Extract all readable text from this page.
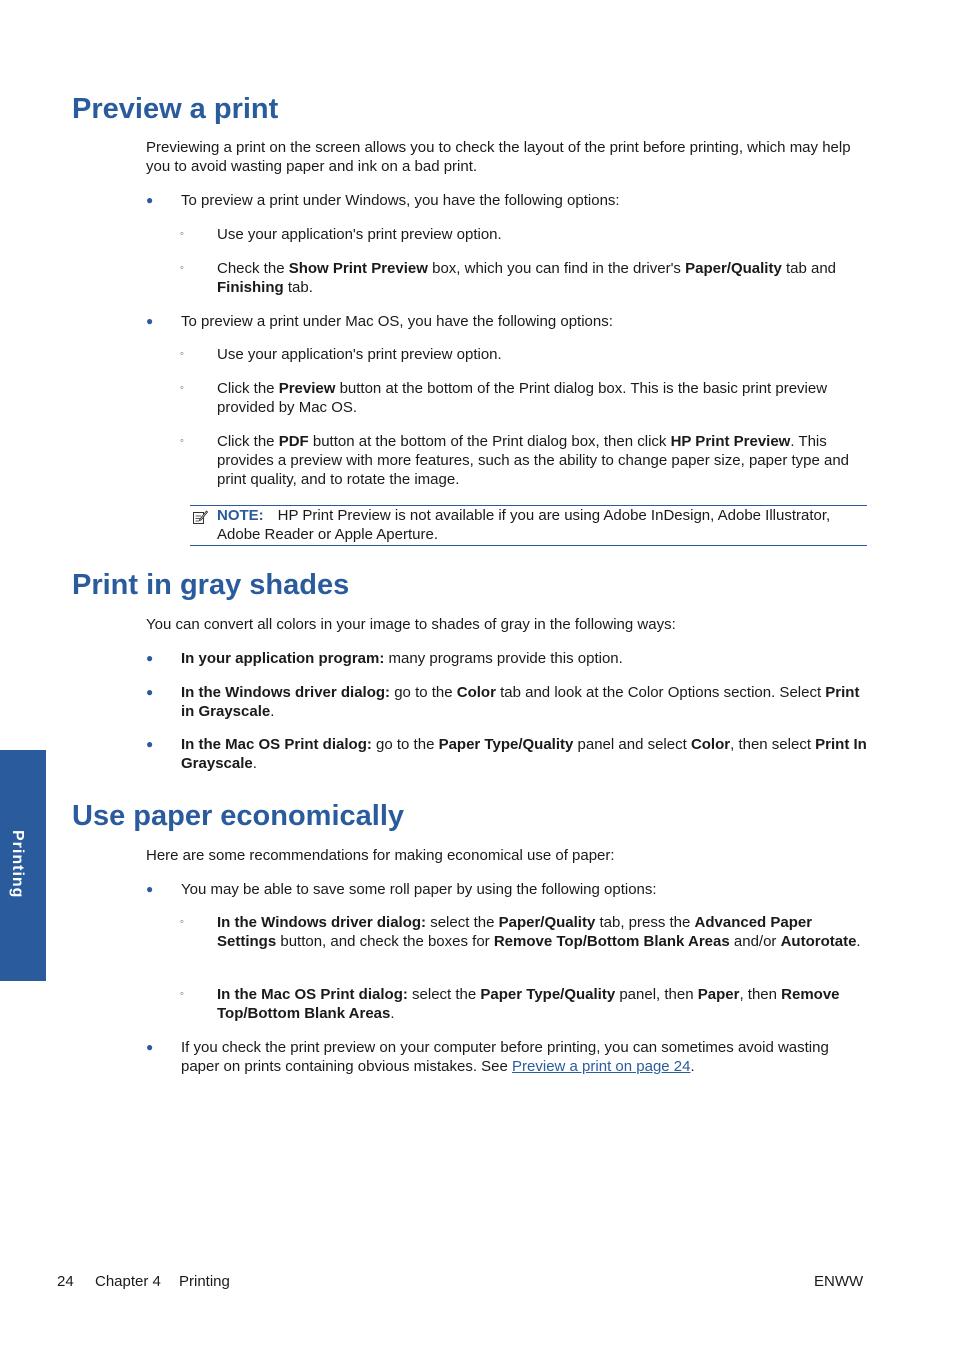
Preview a print

Previewing a print on the screen allows you to check the layout of the print before printing, which may help you to avoid wasting paper and ink on a bad print.

●	To preview a print under Windows, you have the following options:
◦	Use your application's print preview option.
◦	Check the Show Print Preview box, which you can find in the driver's Paper/Quality tab and Finishing tab.
●	To preview a print under Mac OS, you have the following options:
◦	Use your application's print preview option.
◦	Click the Preview button at the bottom of the Print dialog box. This is the basic print preview provided by Mac OS.
◦	Click the PDF button at the bottom of the Print dialog box, then click HP Print Preview. This provides a preview with more features, such as the ability to change paper size, paper type and print quality, and to rotate the image.
NOTE: HP Print Preview is not available if you are using Adobe InDesign, Adobe Illustrator, Adobe Reader or Apple Aperture.
Print in gray shades

You can convert all colors in your image to shades of gray in the following ways:

●	In your application program: many programs provide this option.
●	In the Windows driver dialog: go to the Color tab and look at the Color Options section. Select Print in Grayscale.
●	In the Mac OS Print dialog: go to the Paper Type/Quality panel and select Color, then select Print In Grayscale.
Use paper economically

Here are some recommendations for making economical use of paper:

●	You may be able to save some roll paper by using the following options:
◦	In the Windows driver dialog: select the Paper/Quality tab, press the Advanced Paper Settings button, and check the boxes for Remove Top/Bottom Blank Areas and/or Autorotate.
◦	In the Mac OS Print dialog: select the Paper Type/Quality panel, then Paper, then Remove Top/Bottom Blank Areas.
●	If you check the print preview on your computer before printing, you can sometimes avoid wasting paper on prints containing obvious mistakes. See Preview a print on page 24.
Printing
24 Chapter 4 Printing	ENWW
